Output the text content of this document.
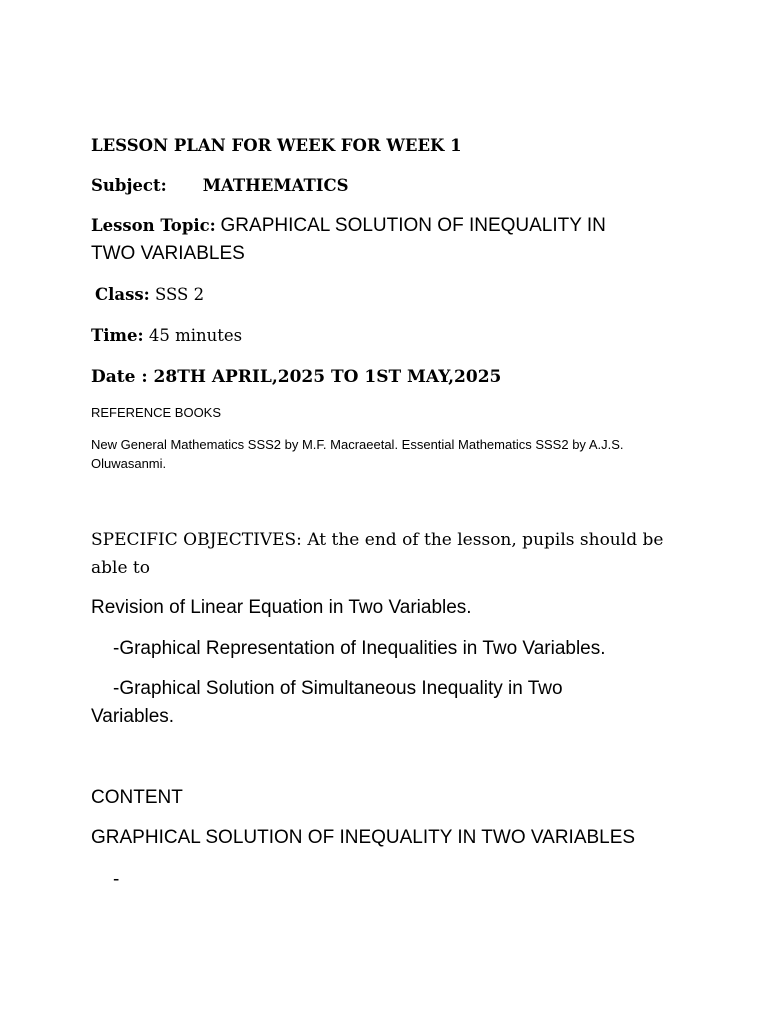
LESSON PLAN FOR WEEK FOR WEEK 1
Subject: MATHEMATICS
Lesson Topic: GRAPHICAL SOLUTION OF INEQUALITY IN
TWO VARIABLES
Class: SSS 2
Time: 45 minutes
Date : 28TH APRIL,2025 TO 1ST MAY,2025
REFERENCE BOOKS
New General Mathematics SSS2 by M.F. Macraeetal. Essential Mathematics SSS2 by A.J.S.
Oluwasanmi.
SPECIFIC OBJECTIVES: At the end of the lesson, pupils should be
able to
Revision of Linear Equation in Two Variables.
-Graphical Representation of Inequalities in Two Variables.
-Graphical Solution of Simultaneous Inequality in Two
Variables.
CONTENT
GRAPHICAL SOLUTION OF INEQUALITY IN TWO VARIABLES
-
